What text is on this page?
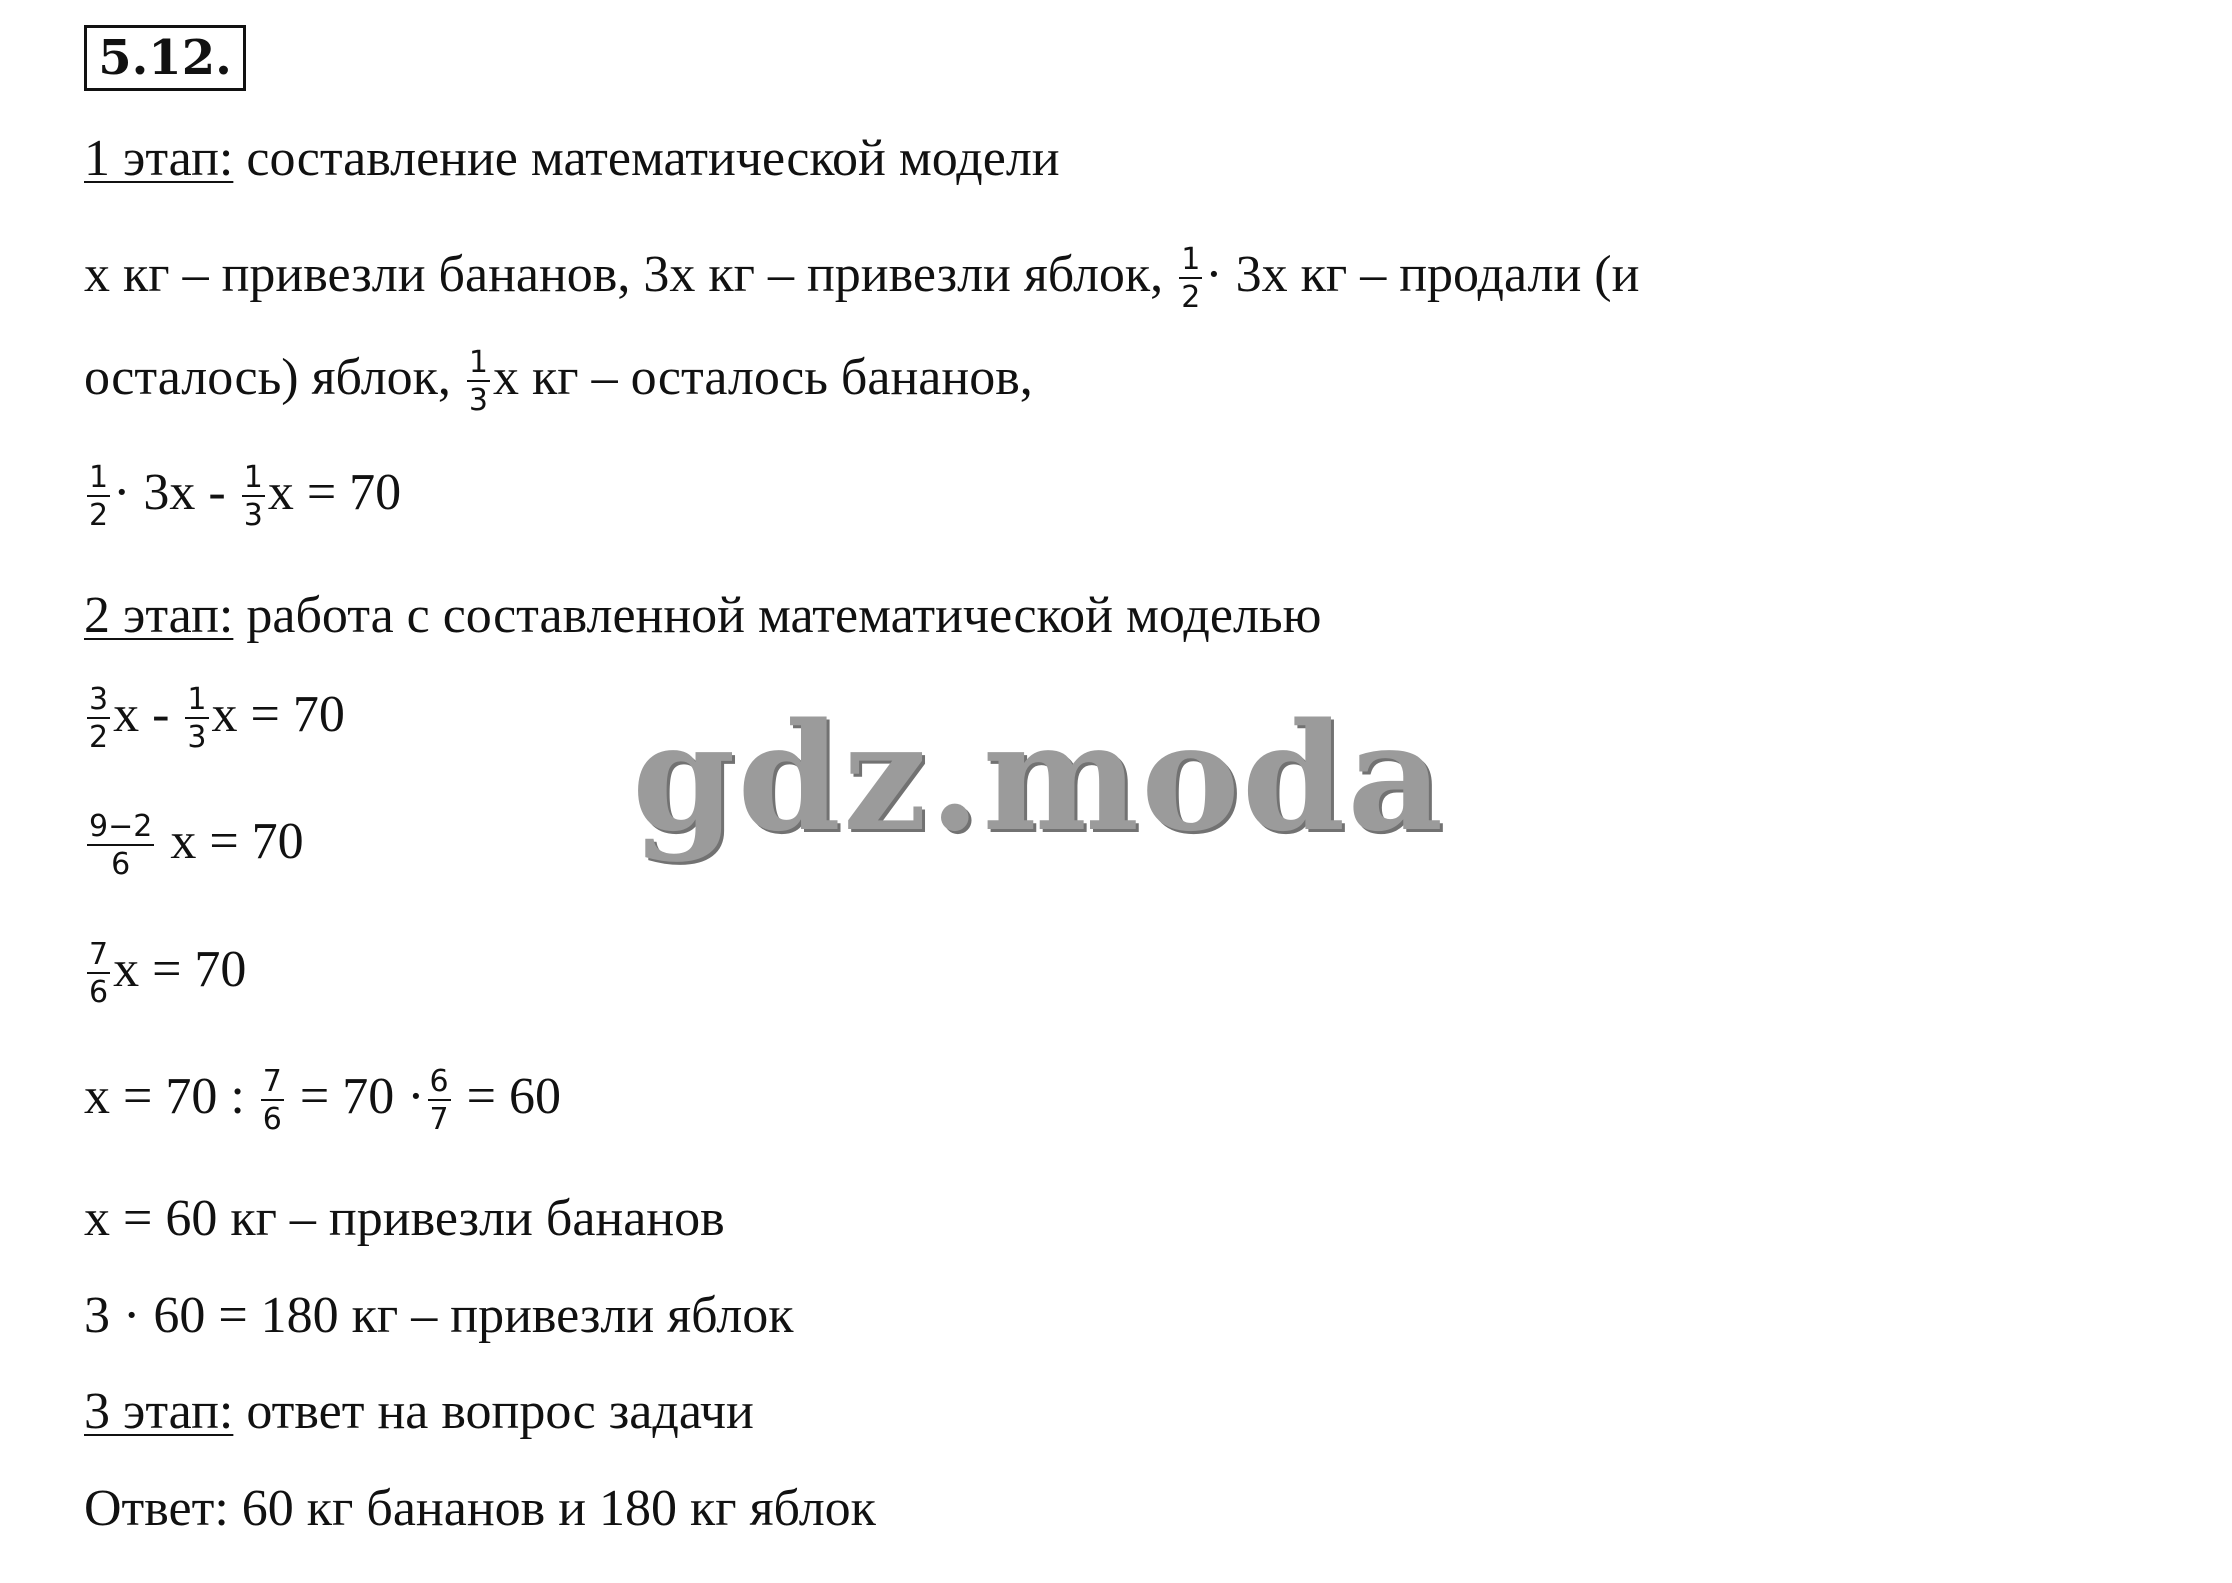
5.12.
1 этап: составление математической модели
x кг – привезли бананов, 3x кг – привезли яблок, $\frac{1}{2} \cdot 3x$ кг – продали (и
осталось) яблок, $\frac{1}{3}$ x кг – осталось бананов,
$\frac{1}{2} \cdot 3x - \frac{1}{3}$ x = 70
2 этап: работа с составленной математической моделью
$\frac{3}{2}$ x - $\frac{1}{3}$ x = 70
$\frac{9-2}{6}$ x = 70
$\frac{7}{6}$ x = 70
x = 70 : $\frac{7}{6} = 70 \cdot \frac{6}{7} = 60$
x = 60 кг – привезли бананов
3 · 60 = 180 кг – привезли яблок
3 этап: ответ на вопрос задачи
Ответ: 60 кг бананов и 180 кг яблок
gdz.moda
